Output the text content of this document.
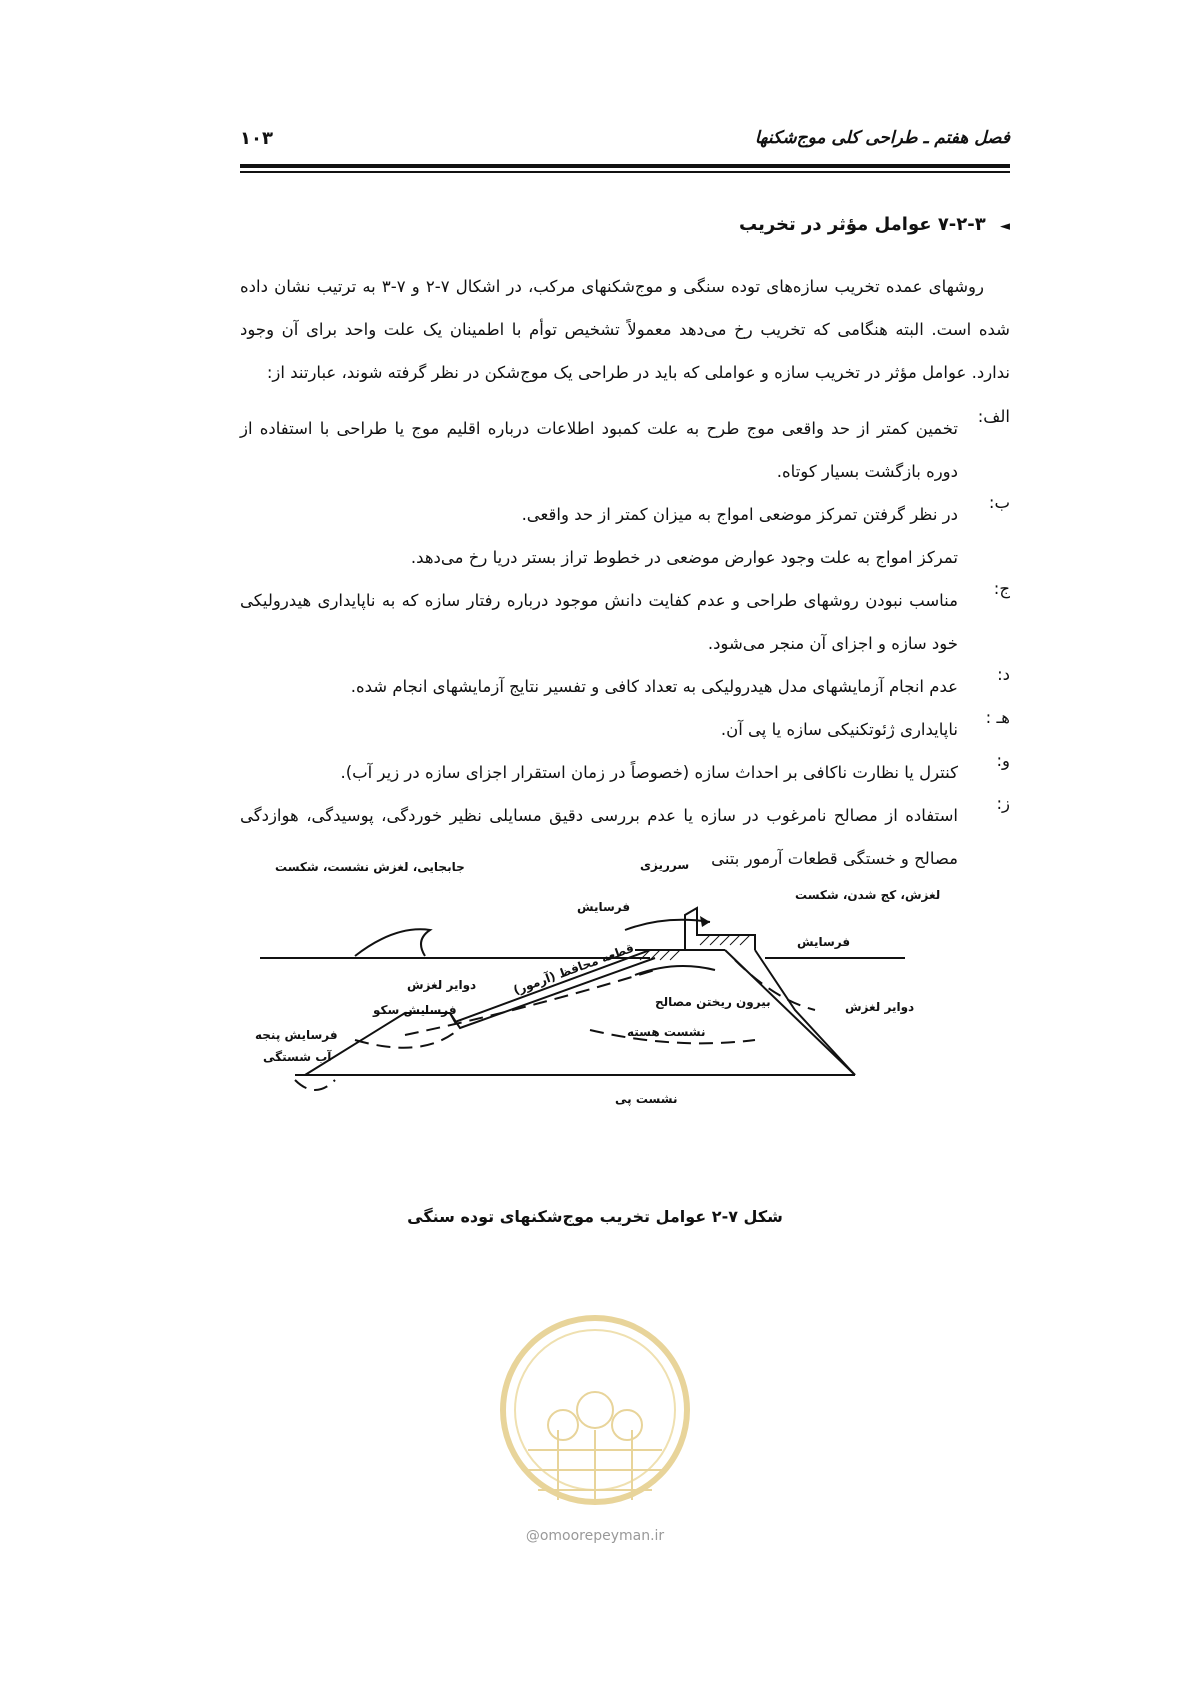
فصل هفتم ـ طراحی کلی موج‌شکنها
۱۰۳
◄ ۷-۲-۳ عوامل مؤثر در تخریب

روشهای عمده تخریب سازه‌های توده سنگی و موج‌شکنهای مرکب، در اشکال ۷-۲ و ۷-۳ به ترتیب نشان داده شده است. البته هنگامی که تخریب رخ می‌دهد معمولاً تشخیص توأم با اطمینان یک علت واحد برای آن وجود ندارد. عوامل مؤثر در تخریب سازه و عواملی که باید در طراحی یک موج‌شکن در نظر گرفته شوند، عبارتند از:

الف:
تخمین کمتر از حد واقعی موج طرح به علت کمبود اطلاعات درباره اقلیم موج یا طراحی با استفاده از دوره بازگشت بسیار کوتاه.
ب:
در نظر گرفتن تمرکز موضعی امواج به میزان کمتر از حد واقعی.
تمرکز امواج به علت وجود عوارض موضعی در خطوط تراز بستر دریا رخ می‌دهد.
ج:
مناسب نبودن روشهای طراحی و عدم کفایت دانش موجود درباره رفتار سازه که به ناپایداری هیدرولیکی خود سازه و اجزای آن منجر می‌شود.
د:
عدم انجام آزمایشهای مدل هیدرولیکی به تعداد کافی و تفسیر نتایج آزمایشهای انجام شده.
هـ :
ناپایداری ژئوتکنیکی سازه یا پی آن.
و:
کنترل یا نظارت ناکافی بر احداث سازه (خصوصاً در زمان استقرار اجزای سازه در زیر آب).
ز:
استفاده از مصالح نامرغوب در سازه یا عدم بررسی دقیق مسایلی نظیر خوردگی، پوسیدگی، هوازدگی مصالح و خستگی قطعات آرمور بتنی
جابجایی، لغزش نشست، شکست	سرریزی
فرسایش
لغزش، کج شدن، شکست
فرسایش
قطعه محافظ (آرمور)
دوایر لغزش
فرسایش سکو
بیرون ریختن مصالح	دوایر لغزش
فرسایش پنجه	نشست هسته
آب شستگی
نشست پی
شکل ۷-۲ عوامل تخریب موج‌شکنهای توده سنگی
@omoorepeyman.ir
